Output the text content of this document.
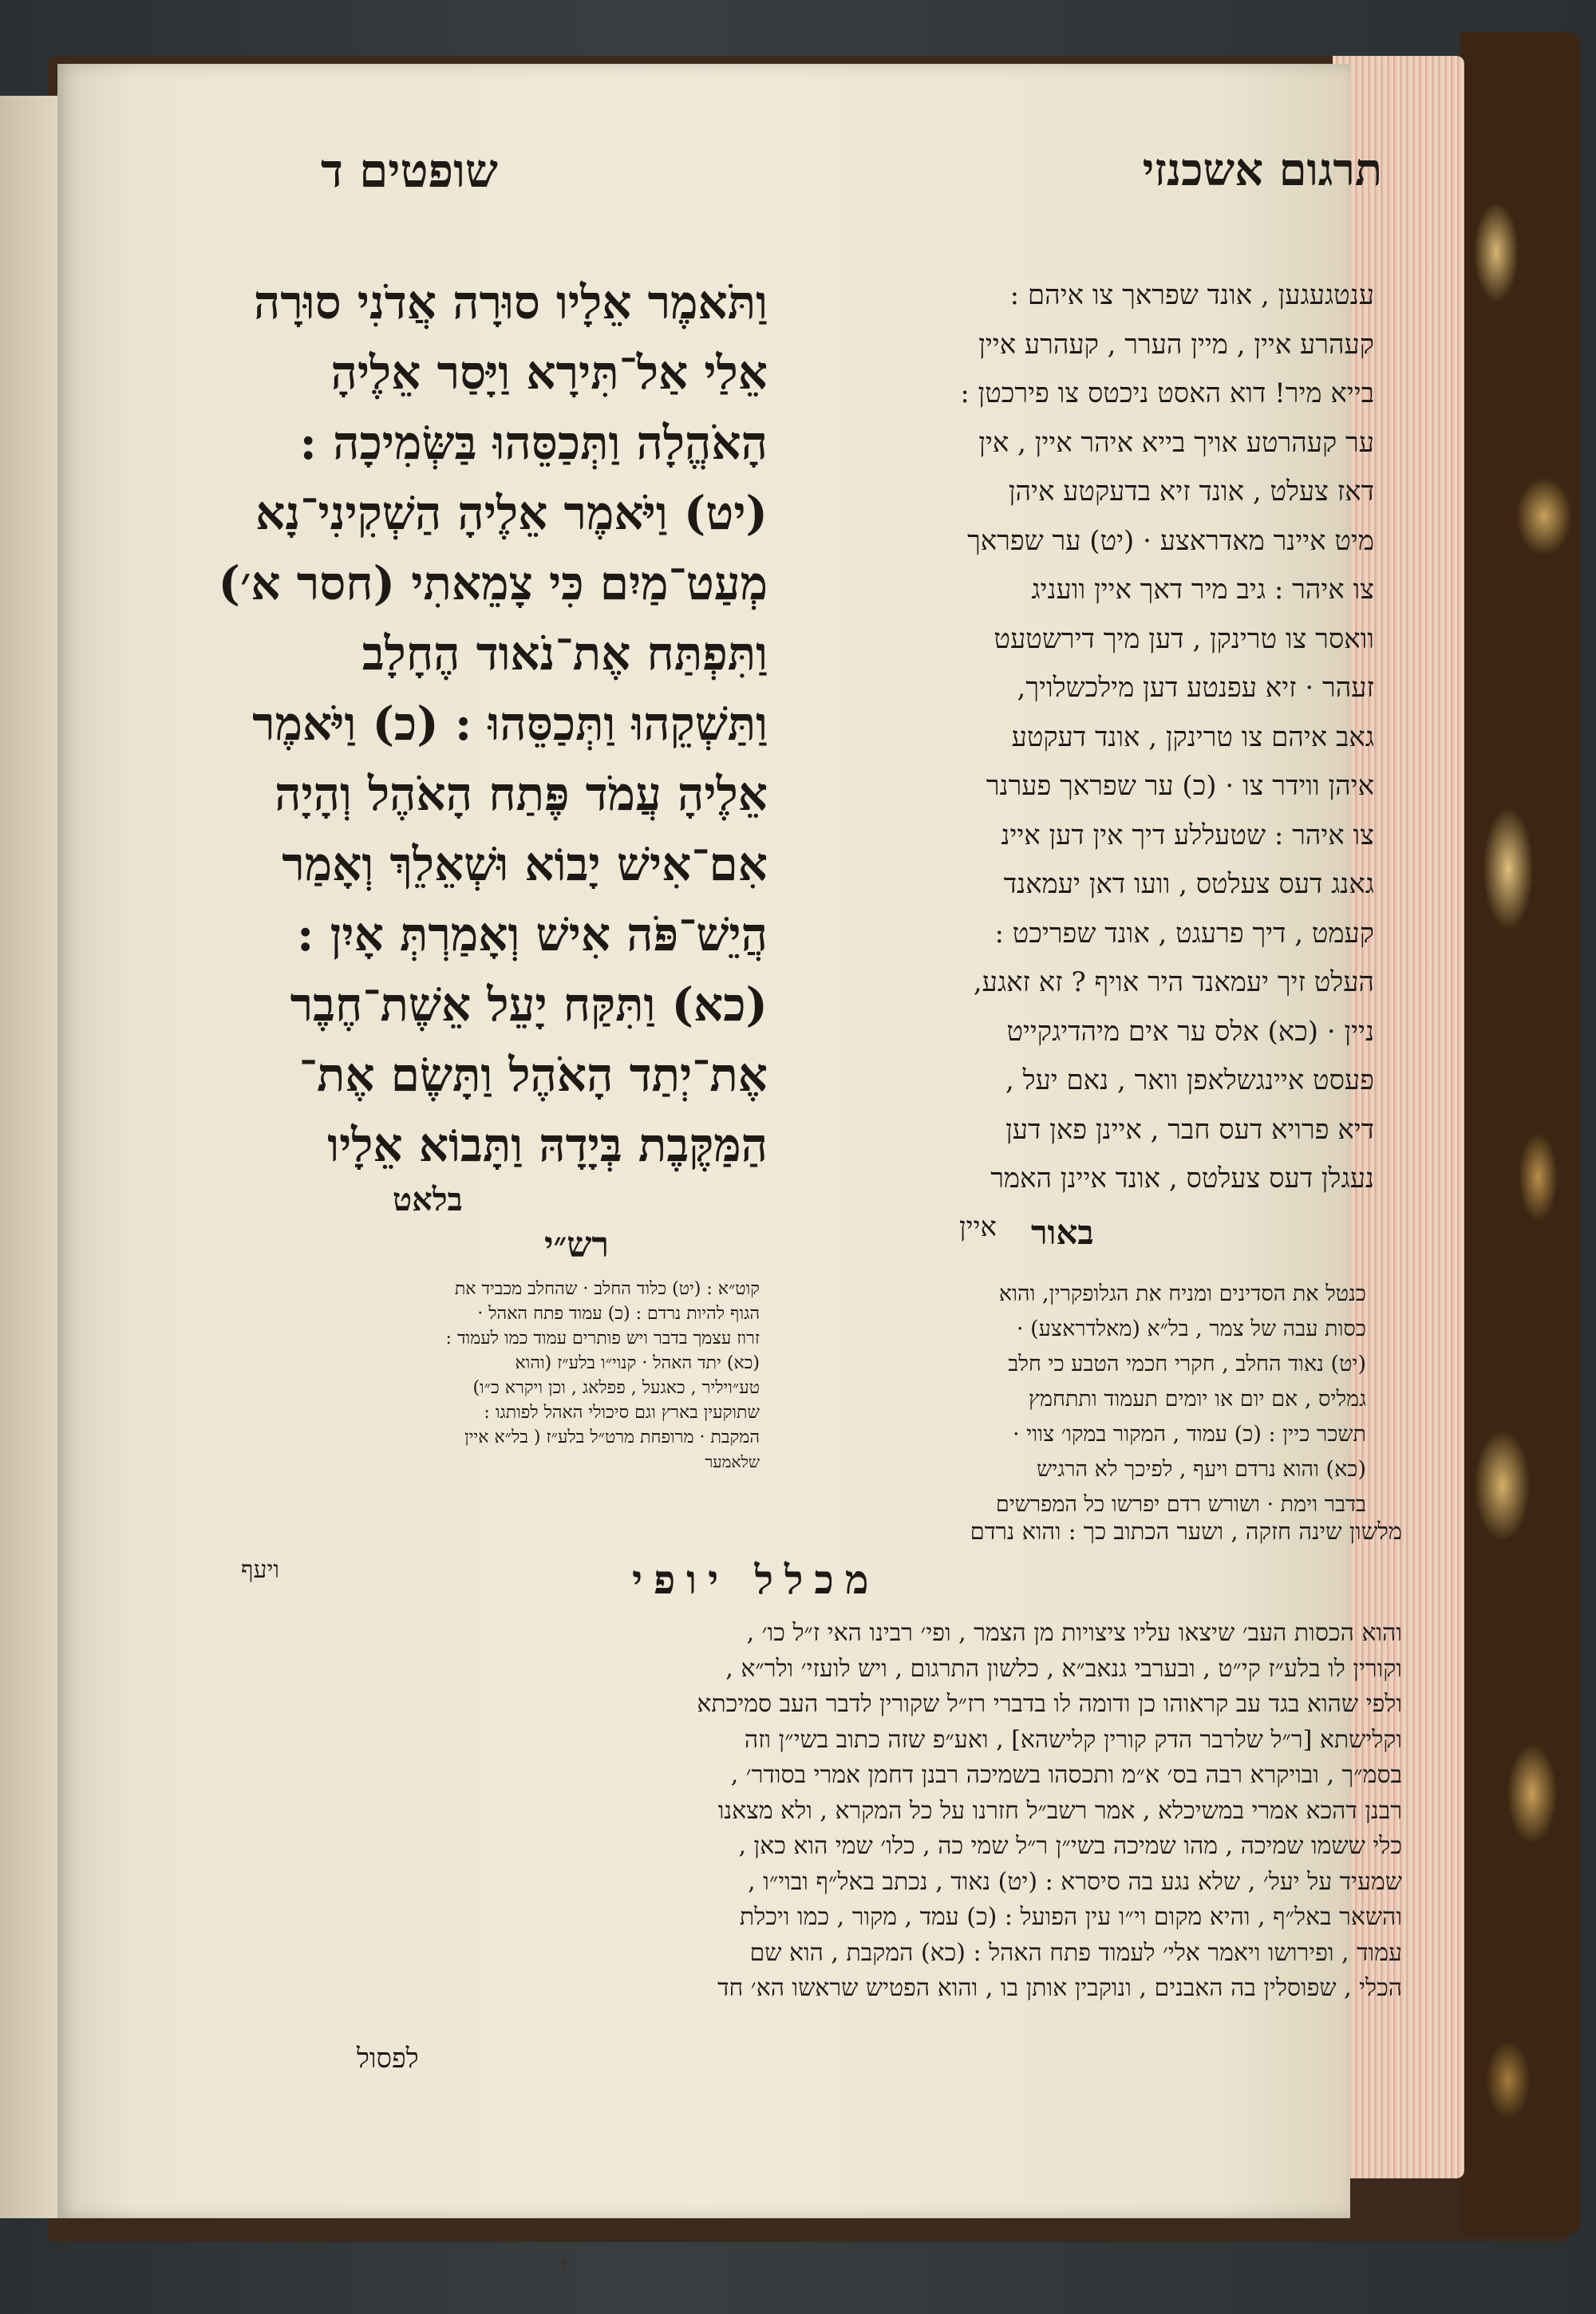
תרגום אשכנזי
שופטים ד
ענטגעגען , אונד שפראך צו איהם :
קעהרע איין , מיין הערר , קעהרע איין
בייא מיר! דוא האסט ניכטס צו פירכטן :
ער קעהרטע אויך בייא איהר איין , אין
דאז צעלט , אונד זיא בדעקטע איהן
מיט איינר מאדראצע · (יט) ער שפראך
צו איהר : גיב מיר דאך איין וועניג
וואסר צו טרינקן , דען מיך דירשטעט
זעהר · זיא עפנטע דען מילכשלויך,
גאב איהם צו טרינקן , אונד דעקטע
איהן ווידר צו · (כ) ער שפראך פערנר
צו איהר : שטעללע דיך אין דען איינ
גאנג דעס צעלטס , וועו דאן יעמאנד
קעמט , דיך פרעגט , אונד שפריכט :
העלט זיך יעמאנד היר אויף ? זא זאגע,
ניין · (כא) אלס ער אים מיהדיגקייט
פעסט איינגשלאפן וואר , נאם יעל ,
דיא פרויא דעס חבר , איינן פאן דען
נעגלן דעס צעלטס , אונד איינן האמר
וַתֹּאמֶר אֵלָיו סוּרָה אֲדֹנִי סוּרָה
אֵלַי אַל־תִּירָא וַיָּסַר אֵלֶיהָ
הָאֹהֱלָה וַתְּכַסֵּהוּ בַּשְּׂמִיכָה :
(יט) וַיֹּאמֶר אֵלֶיהָ הַשְׁקִינִי־נָא
מְעַט־מַיִם כִּי צָמֵאתִי (חסר א׳)
וַתִּפְתַּח אֶת־נֹאוד הֶחָלָב
וַתַּשְׁקֵהוּ וַתְּכַסֵּהוּ : (כ) וַיֹּאמֶר
אֵלֶיהָ עֲמֹד פֶּתַח הָאֹהֶל וְהָיָה
אִם־אִישׁ יָבוֹא וּשְׁאֵלֵךְ וְאָמַר
הֲיֵשׁ־פֹּה אִישׁ וְאָמַרְתְּ אָיִן :
(כא) וַתִּקַּח יָעֵל אֵשֶׁת־חֶבֶר
אֶת־יְתַד הָאֹהֶל וַתָּשֶׂם אֶת־
הַמַּקֶּבֶת בְּיָדָהּ וַתָּבוֹא אֵלָיו
בלאט
רש״י	באור
איין
קוט״א : (יט) כלוד החלב · שהחלב מכביד את
הגוף להיות נרדם : (כ) עמוד פתח האהל ·
זרוז עצמך בדבר ויש פותרים עמוד כמו לעמוד :
(כא) יתד האהל · קנוי״ו בלע״ז (והוא
טע״ויליר , כאגעל , פפלאג , וכן ויקרא כ״ו)
שתוקעין בארץ וגם סיכולי האהל לפותגו :
המקבת · מרופחת מרט״ל בלע״ז ( בל״א איין
שלאמער
כנטל את הסדינים ומניח את הגלופקרין, והוא
כסות עבה של צמר , בל״א (מאלדראצע) ·
(יט) נאוד החלב , חקרי חכמי הטבע כי חלב
גמליס , אם יום או יומים תעמוד ותתחמץ
תשכר כיין : (כ) עמוד , המקור במקו׳ צווי ·
(כא) והוא נרדם ויעף , לפיכך לא הרגיש
בדבר וימת · ושורש רדם יפרשו כל המפרשים
מלשון שינה חזקה , ושער הכתוב כך : והוא נרדם
ויעף	מכלל יופי
והוא הכסות העב׳ שיצאו עליו ציצויות מן הצמר , ופי׳ רבינו האי ז״ל כו׳ ,
וקורין לו בלע״ז קי״ט , ובערבי גנאב״א , כלשון התרגום , ויש לועזי׳ ולר״א ,
ולפי שהוא בגד עב קראוהו כן ודומה לו בדברי רז״ל שקורין לדבר העב סמיכתא
וקלישתא [ר״ל שלרבר הדק קורין קלישהא] , ואע״פ שזה כתוב בשי״ן וזה
בסמ״ך , ובויקרא רבה בס׳ א״מ ותכסהו בשמיכה רבנן דחמן אמרי בסודר׳ ,
רבנן דהכא אמרי במשיכלא , אמר רשב״ל חזרנו על כל המקרא , ולא מצאנו
כלי ששמו שמיכה , מהו שמיכה בשי״ן ר״ל שמי כה , כלו׳ שמי הוא כאן ,
שמעיד על יעל׳ , שלא נגע בה סיסרא : (יט) נאוד , נכתב באל״ף ובוי״ו ,
והשאר באל״ף , והיא מקום וי״ו עין הפועל : (כ) עמד , מקור , כמו ויכלת
עמוד , ופירושו ויאמר אלי׳ לעמוד פתח האהל : (כא) המקבת , הוא שם
הכלי , שפוסלין בה האבנים , ונוקבין אותן בו , והוא הפטיש שראשו הא׳ חד
לפסול
